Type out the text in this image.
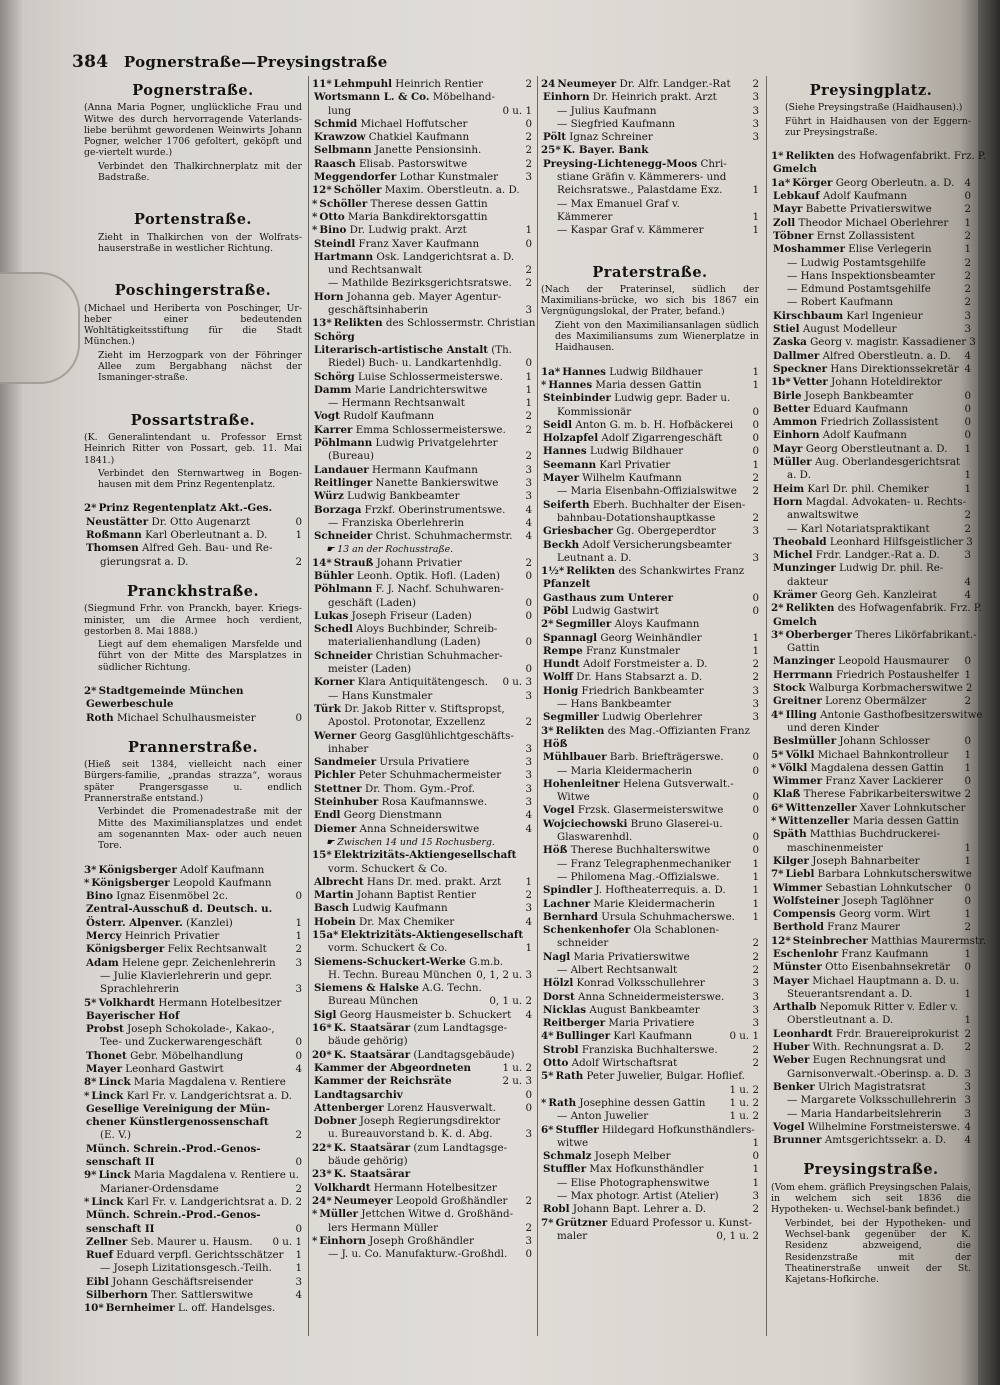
384 Pognerstraße—Preysingstraße
Pognerstraße.
(Anna Maria Pogner, unglückliche Frau und Witwe des durch hervorragende Vaterlands-liebe berühmt gewordenen Weinwirts Johann Pogner, welcher 1706 gefoltert, geköpft und ge-viertelt wurde.)
Verbindet den Thalkirchnerplatz mit der Badstraße.
Portenstraße.
Zieht in Thalkirchen von der Wolfrats-hauserstraße in westlicher Richtung.
Poschingerstraße.
(Michael und Heriberta von Poschinger, Ur-heber einer bedeutenden Wohltätigkeitsstiftung für die Stadt München.)
Zieht im Herzogpark von der Föhringer Allee zum Bergabhang nächst der Ismaninger-straße.
Possartstraße.
(K. Generalintendant u. Professor Ernst Heinrich Ritter von Possart, geb. 11. Mai 1841.)
Verbindet den Sternwartweg in Bogen-hausen mit dem Prinz Regentenplatz.
2* Prinz Regentenplatz Akt.-Ges.
Neustätter Dr. Otto Augenarzt	0
Roßmann Karl Oberleutnant a. D.	1
Thomsen Alfred Geh. Bau- und Re-
gierungsrat a. D.	2
Pranckhstraße.
(Siegmund Frhr. von Pranckh, bayer. Kriegs-minister, um die Armee hoch verdient, gestorben 8. Mai 1888.)
Liegt auf dem ehemaligen Marsfelde und führt von der Mitte des Marsplatzes in südlicher Richtung.
2* Stadtgemeinde München
Gewerbeschule
Roth Michael Schulhausmeister	0
Prannerstraße.
(Hieß seit 1384, vielleicht nach einer Bürgers-familie, „prandas strazza“, woraus später Prangersgasse u. endlich Prannerstraße entstand.)
Verbindet die Promenadestraße mit der Mitte des Maximiliansplatzes und endet am sogenannten Max- oder auch neuen Tore.
3* Königsberger Adolf Kaufmann
* Königsberger Leopold Kaufmann
Bino Ignaz Eisenmöbel 2c.	0
Zentral-Ausschuß d. Deutsch. u.
Österr. Alpenver. (Kanzlei)	1
Mercy Heinrich Privatier	1
Königsberger Felix Rechtsanwalt	2
Adam Helene gepr. Zeichenlehrerin	3
— Julie Klavierlehrerin und gepr.
Sprachlehrerin	3
5* Volkhardt Hermann Hotelbesitzer
Bayerischer Hof
Probst Joseph Schokolade-, Kakao-,
Tee- und Zuckerwarengeschäft	0
Thonet Gebr. Möbelhandlung	0
Mayer Leonhard Gastwirt	4
8* Linck Maria Magdalena v. Rentiere
* Linck Karl Fr. v. Landgerichtsrat a. D.
Gesellige Vereinigung der Mün-
chener Künstlergenossenschaft
(E. V.)	2
Münch. Schrein.-Prod.-Genos-
senschaft II	0
9* Linck Maria Magdalena v. Rentiere u.
Marianer-Ordensdame	2
* Linck Karl Fr. v. Landgerichtsrat a. D. 2
Münch. Schrein.-Prod.-Genos-
senschaft II	0
Zellner Seb. Maurer u. Hausm.	0 u. 1
Ruef Eduard verpfl. Gerichtsschätzer	1
— Joseph Lizitationsgesch.-Teilh.	1
Eibl Johann Geschäftsreisender	3
Silberhorn Ther. Sattlerswitwe	4
10* Bernheimer L. off. Handelsges.
11* Lehmpuhl Heinrich Rentier	2
Wortsmann L. & Co. Möbelhand-
lung	0 u. 1
Schmid Michael Hoffutscher	0
Krawzow Chatkiel Kaufmann	2
Selbmann Janette Pensionsinh.	2
Raasch Elisab. Pastorswitwe	2
Meggendorfer Lothar Kunstmaler	3
12* Schöller Maxim. Oberstleutn. a. D.
* Schöller Therese dessen Gattin
* Otto Maria Bankdirektorsgattin
* Bino Dr. Ludwig prakt. Arzt	1
Steindl Franz Xaver Kaufmann	0
Hartmann Osk. Landgerichtsrat a. D.
und Rechtsanwalt	2
— Mathilde Bezirksgerichtsratswe.	2
Horn Johanna geb. Mayer Agentur-
geschäftsinhaberin	3
13* Relikten des Schlossermstr. Christian
Schörg
Literarisch-artistische Anstalt (Th.
Riedel) Buch- u. Landkartenhdlg.	0
Schörg Luise Schlossermeisterswe.	1
Damm Marie Landrichterswitwe	1
— Hermann Rechtsanwalt	1
Vogt Rudolf Kaufmann	2
Karrer Emma Schlossermeisterswe.	2
Pöhlmann Ludwig Privatgelehrter
(Bureau)	2
Landauer Hermann Kaufmann	3
Reitlinger Nanette Bankierswitwe	3
Würz Ludwig Bankbeamter	3
Borzaga Frzkf. Oberinstrumentswe.	4
— Franziska Oberlehrerin	4
Schneider Christ. Schuhmachermstr.	4
☛ 13 an der Rochusstraße.
14* Strauß Johann Privatier	2
Bühler Leonh. Optik. Hofl. (Laden)	0
Pöhlmann F. J. Nachf. Schuhwaren-
geschäft (Laden)	0
Lukas Joseph Friseur (Laden)	0
Schedl Aloys Buchbinder, Schreib-
materialienhandlung (Laden)	0
Schneider Christian Schuhmacher-
meister (Laden)	0
Korner Klara Antiquitätengesch.	0 u. 3
— Hans Kunstmaler	3
Türk Dr. Jakob Ritter v. Stiftspropst,
Apostol. Protonotar, Exzellenz	2
Werner Georg Gasglühlichtgeschäfts-
inhaber	3
Sandmeier Ursula Privatiere	3
Pichler Peter Schuhmachermeister	3
Stettner Dr. Thom. Gym.-Prof.	3
Steinhuber Rosa Kaufmannswe.	3
Endl Georg Dienstmann	4
Diemer Anna Schneiderswitwe	4
☛ Zwischen 14 und 15 Rochusberg.
15* Elektrizitäts-Aktiengesellschaft
vorm. Schuckert & Co.
Albrecht Hans Dr. med. prakt. Arzt	1
Martin Johann Baptist Rentier	2
Basch Ludwig Kaufmann	3
Hobein Dr. Max Chemiker	4
15a* Elektrizitäts-Aktiengesellschaft
vorm. Schuckert & Co.	1
Siemens-Schuckert-Werke G.m.b.
H. Techn. Bureau München 0, 1, 2 u. 3
Siemens & Halske A.G. Techn.
Bureau München	0, 1 u. 2
Sigl Georg Hausmeister b. Schuckert	4
16* K. Staatsärar (zum Landtagsge-
bäude gehörig)
20* K. Staatsärar (Landtagsgebäude)
Kammer der Abgeordneten	1 u. 2
Kammer der Reichsräte	2 u. 3
Landtagsarchiv	0
Attenberger Lorenz Hausverwalt.	0
Dobner Joseph Regierungsdirektor
u. Bureauvorstand b. K. d. Abg.	3
22* K. Staatsärar (zum Landtagsge-
bäude gehörig)
23* K. Staatsärar
Volkhardt Hermann Hotelbesitzer
24* Neumeyer Leopold Großhändler	2
* Müller Jettchen Witwe d. Großhänd-
lers Hermann Müller	2
* Einhorn Joseph Großhändler	3
— J. u. Co. Manufakturw.-Großhdl.	0
24 Neumeyer Dr. Alfr. Landger.-Rat	2
Einhorn Dr. Heinrich prakt. Arzt	3
— Julius Kaufmann	3
— Siegfried Kaufmann	3
Pölt Ignaz Schreiner	3
25* K. Bayer. Bank
Preysing-Lichtenegg-Moos Chri-
stiane Gräfin v. Kämmerers- und
Reichsratswe., Palastdame Exz.	1
— Max Emanuel Graf v.
Kämmerer	1
— Kaspar Graf v. Kämmerer	1
Praterstraße.
(Nach der Praterinsel, südlich der Maximilians-brücke, wo sich bis 1867 ein Vergnügungslokal, der Prater, befand.)
Zieht von den Maximiliansanlagen südlich des Maximiliansums zum Wienerplatze in Haidhausen.
1a* Hannes Ludwig Bildhauer	1
* Hannes Maria dessen Gattin	1
Steinbinder Ludwig gepr. Bader u.
Kommissionär	0
Seidl Anton G. m. b. H. Hofbäckerei	0
Holzapfel Adolf Zigarrengeschäft	0
Hannes Ludwig Bildhauer	0
Seemann Karl Privatier	1
Mayer Wilhelm Kaufmann	2
— Maria Eisenbahn-Offizialswitwe	2
Seiferth Eberh. Buchhalter der Eisen-
bahnbau-Dotationshauptkasse	2
Griesbacher Gg. Obergeperdtor	3
Beckh Adolf Versicherungsbeamter
Leutnant a. D.	3
1½* Relikten des Schankwirtes Franz
Pfanzelt
Gasthaus zum Unterer	0
Pöbl Ludwig Gastwirt	0
2* Segmiller Aloys Kaufmann
Spannagl Georg Weinhändler	1
Rempe Franz Kunstmaler	1
Hundt Adolf Forstmeister a. D.	2
Wolff Dr. Hans Stabsarzt a. D.	2
Honig Friedrich Bankbeamter	3
— Hans Bankbeamter	3
Segmiller Ludwig Oberlehrer	3
3* Relikten des Mag.-Offizianten Franz
Höß
Mühlbauer Barb. Briefträgerswe.	0
— Maria Kleidermacherin	0
Hohenleitner Helena Gutsverwalt.-
Witwe	0
Vogel Frzsk. Glasermeisterswitwe	0
Wojciechowski Bruno Glaserei-u.
Glaswarenhdl.	0
Höß Therese Buchhalterswitwe	0
— Franz Telegraphenmechaniker	1
— Philomena Mag.-Offizialswe.	1
Spindler J. Hoftheaterrequis. a. D.	1
Lachner Marie Kleidermacherin	1
Bernhard Ursula Schuhmacherswe.	1
Schenkenhofer Ola Schablonen-
schneider	2
Nagl Maria Privatierswitwe	2
— Albert Rechtsanwalt	2
Hölzl Konrad Volksschullehrer	3
Dorst Anna Schneidermeisterswe.	3
Nicklas August Bankbeamter	3
Reitberger Maria Privatiere	3
4* Bullinger Karl Kaufmann	0 u. 1
Strobl Franziska Buchhalterswe.	2
Otto Adolf Wirtschaftsrat	2
5* Rath Peter Juwelier, Bulgar. Hoflief.
1 u. 2
* Rath Josephine dessen Gattin	1 u. 2
— Anton Juwelier	1 u. 2
6* Stuffler Hildegard Hofkunsthändlers-
witwe	1
Schmalz Joseph Melber	0
Stuffler Max Hofkunsthändler	1
— Elise Photographenswitwe	1
— Max photogr. Artist (Atelier)	3
Robl Johann Bapt. Lehrer a. D.	2
7* Grützner Eduard Professor u. Kunst-
maler	0, 1 u. 2
Preysingplatz.
(Siehe Preysingstraße (Haidhausen).)
Führt in Haidhausen von der Eggern- zur Preysingstraße.
1* Relikten des Hofwagenfabrikt. Frz. P.
Gmelch
1a* Körger Georg Oberleutn. a. D. 4
Lebkauf Adolf Kaufmann	0
Mayr Babette Privatierswitwe	2
Zoll Theodor Michael Oberlehrer	1
Töbner Ernst Zollassistent	2
Moshammer Elise Verlegerin	1
— Ludwig Postamtsgehilfe	2
— Hans Inspektionsbeamter	2
— Edmund Postamtsgehilfe	2
— Robert Kaufmann	2
Kirschbaum Karl Ingenieur	3
Stiel August Modelleur	3
Zaska Georg v. magistr. Kassadiener 3
Dallmer Alfred Oberstleutn. a. D.	4
Speckner Hans Direktionssekretär 4
1b* Vetter Johann Hoteldirektor
Birle Joseph Bankbeamter	0
Better Eduard Kaufmann	0
Ammon Friedrich Zollassistent	0
Einhorn Adolf Kaufmann	0
Mayr Georg Oberstleutnant a. D.	1
Müller Aug. Oberlandesgerichtsrat
a. D.	1
Heim Karl Dr. phil. Chemiker	1
Horn Magdal. Advokaten- u. Rechts-
anwaltswitwe	2
— Karl Notariatspraktikant	2
Theobald Leonhard Hilfsgeistlicher 3
Michel Frdr. Landger.-Rat a. D.	3
Munzinger Ludwig Dr. phil. Re-
dakteur	4
Krämer Georg Geh. Kanzleirat	4
2* Relikten des Hofwagenfabrik. Frz. P.
Gmelch
3* Oberberger Theres Likörfabrikant.-
Gattin
Manzinger Leopold Hausmaurer	0
Herrmann Friedrich Postaushelfer 1
Stock Walburga Korbmacherswitwe 2
Greitner Lorenz Obermälzer	2
4* Illing Antonie Gasthofbesitzerswitwe
und deren Kinder
Beslmüller Johann Schlosser	0
5* Völkl Michael Bahnkontrolleur	1
* Völkl Magdalena dessen Gattin	1
Wimmer Franz Xaver Lackierer	0
Klaß Therese Fabrikarbeiterswitwe 2
6* Wittenzeller Xaver Lohnkutscher
* Wittenzeller Maria dessen Gattin
Späth Matthias Buchdruckerei-
maschinenmeister	1
Kilger Joseph Bahnarbeiter	1
7* Liebl Barbara Lohnkutscherswitwe
Wimmer Sebastian Lohnkutscher	0
Wolfsteiner Joseph Taglöhner	0
Compensis Georg vorm. Wirt	1
Berthold Franz Maurer	2
12* Steinbrecher Matthias Maurermstr.
Eschenlohr Franz Kaufmann	1
Münster Otto Eisenbahnsekretär	0
Mayer Michael Hauptmann a. D. u.
Steuerantsrendant a. D.	1
Arthalb Nepomuk Ritter v. Edler v.
Oberstleutnant a. D.	1
Leonhardt Frdr. Brauereiprokurist 2
Huber With. Rechnungsrat a. D.	2
Weber Eugen Rechnungsrat und
Garnisonverwalt.-Oberinsp. a. D. 3
Benker Ulrich Magistratsrat	3
— Margarete Volksschullehrerin 3
— Maria Handarbeitslehrerin	3
Vogel Wilhelmine Forstmeisterswe. 4
Brunner Amtsgerichtssekr. a. D.	4
Preysingstraße.
(Vom ehem. gräflich Preysingschen Palais, in welchem sich seit 1836 die Hypotheken- u. Wechsel-bank befindet.)
Verbindet, bei der Hypotheken- und Wechsel-bank gegenüber der K. Residenz abzweigend, die Residenzstraße mit der Theatinerstraße unweit der St. Kajetans-Hofkirche.
